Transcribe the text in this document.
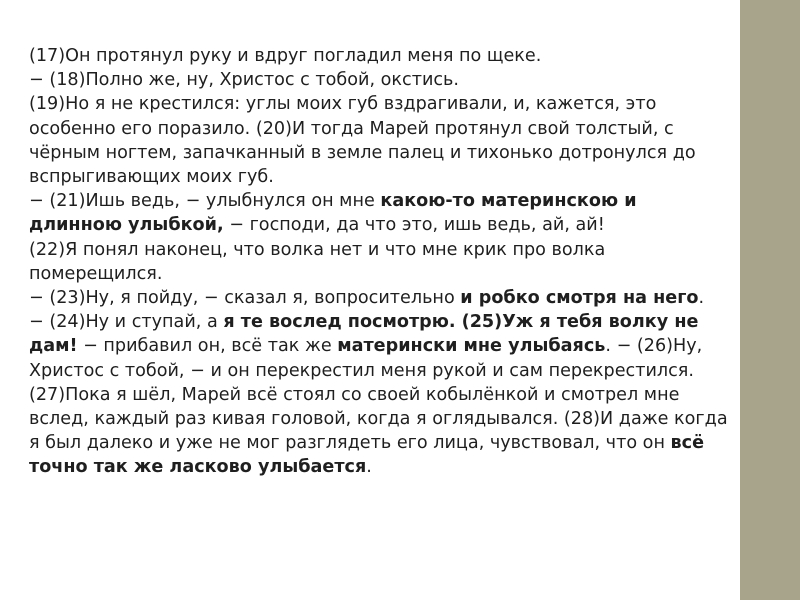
(17)Он протянул руку и вдруг погладил меня по щеке.
− (18)Полно же, ну, Христос с тобой, окстись.
(19)Но я не крестился: углы моих губ вздрагивали, и, кажется, это особенно его поразило. (20)И тогда Марей протянул свой толстый, с чёрным ногтем, запачканный в земле палец и тихонько дотронулся до вспрыгивающих моих губ.
− (21)Ишь ведь, − улыбнулся он мне какою-то материнскою и длинною улыбкой, − господи, да что это, ишь ведь, ай, ай!
(22)Я понял наконец, что волка нет и что мне крик про волка померещился.
− (23)Ну, я пойду, − сказал я, вопросительно и робко смотря на него.
− (24)Ну и ступай, а я те вослед посмотрю. (25)Уж я тебя волку не дам! − прибавил он, всё так же матерински мне улыбаясь. − (26)Ну, Христос с тобой, − и он перекрестил меня рукой и сам перекрестился.
(27)Пока я шёл, Марей всё стоял со своей кобылёнкой и смотрел мне вслед, каждый раз кивая головой, когда я оглядывался. (28)И даже когда я был далеко и уже не мог разглядеть его лица, чувствовал, что он всё точно так же ласково улыбается.
